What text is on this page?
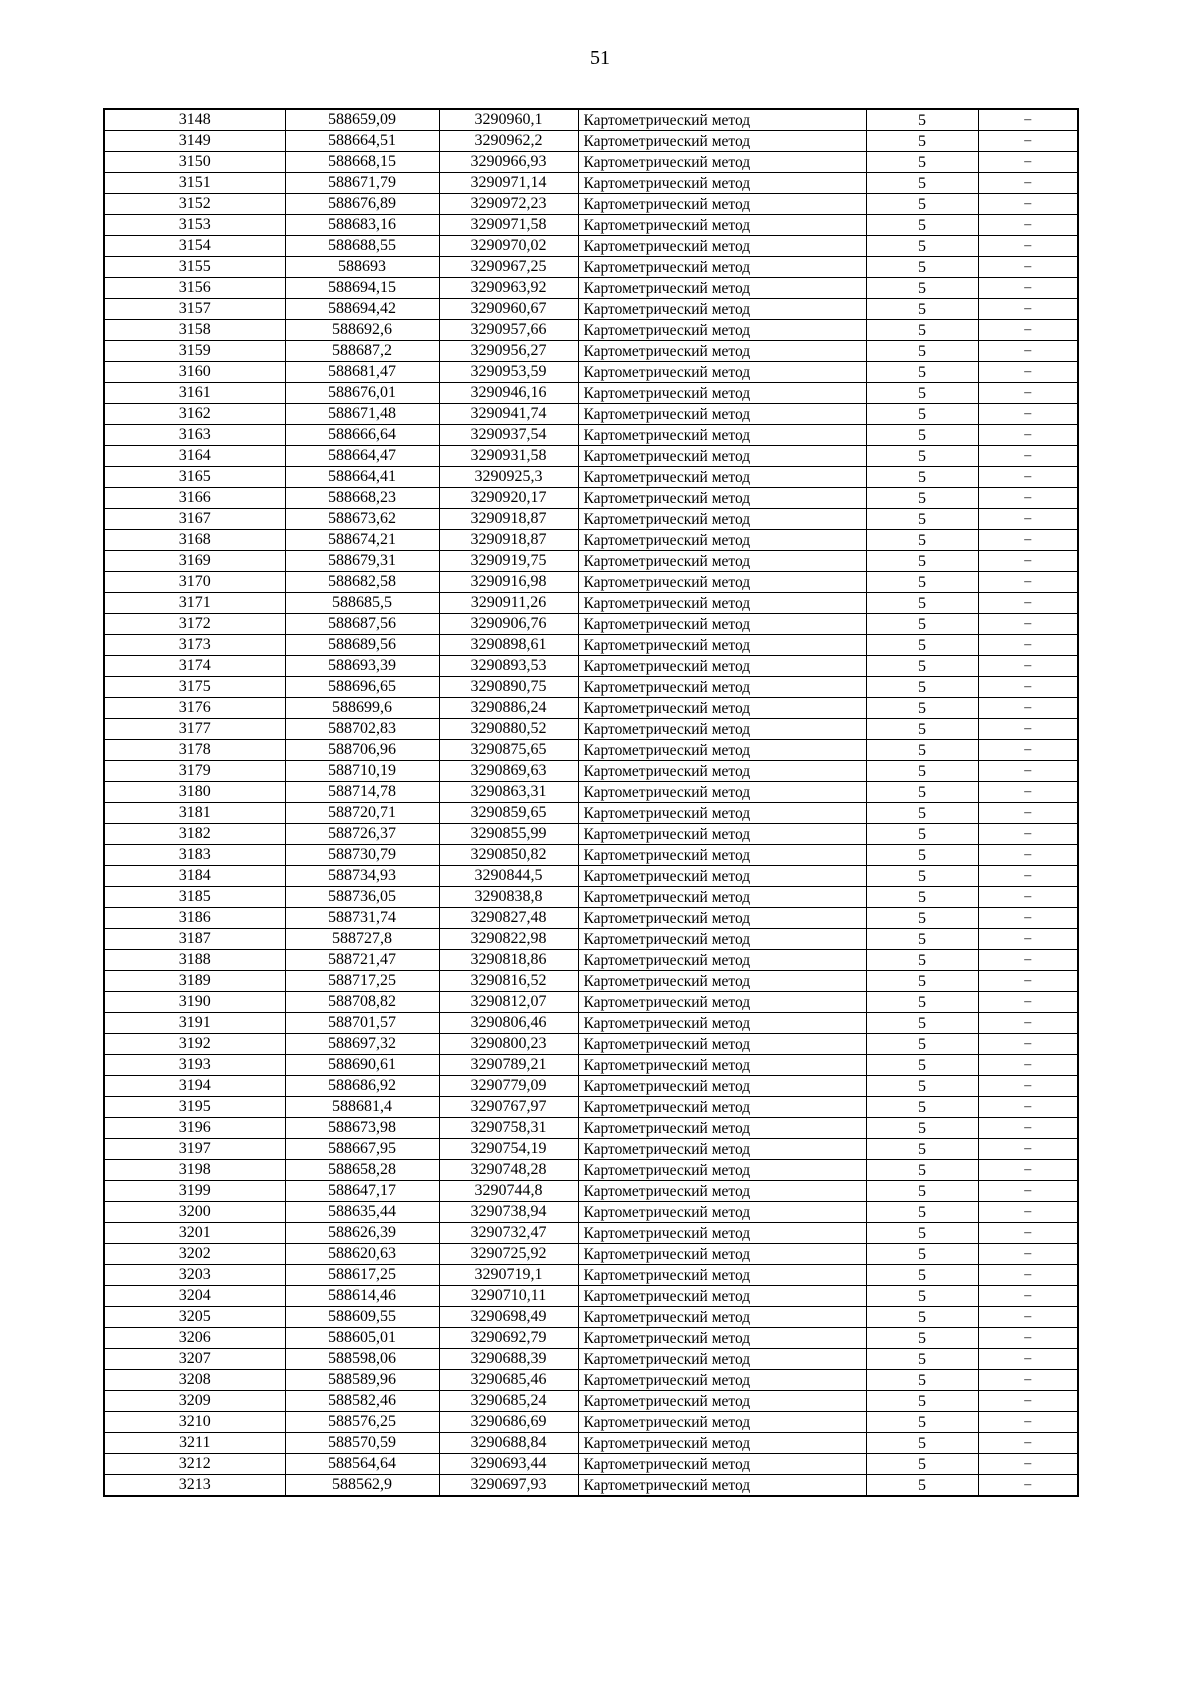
51
3148	588659,09	3290960,1	Картометрический метод	5	–
3149	588664,51	3290962,2	Картометрический метод	5	–
3150	588668,15	3290966,93	Картометрический метод	5	–
3151	588671,79	3290971,14	Картометрический метод	5	–
3152	588676,89	3290972,23	Картометрический метод	5	–
3153	588683,16	3290971,58	Картометрический метод	5	–
3154	588688,55	3290970,02	Картометрический метод	5	–
3155	588693	3290967,25	Картометрический метод	5	–
3156	588694,15	3290963,92	Картометрический метод	5	–
3157	588694,42	3290960,67	Картометрический метод	5	–
3158	588692,6	3290957,66	Картометрический метод	5	–
3159	588687,2	3290956,27	Картометрический метод	5	–
3160	588681,47	3290953,59	Картометрический метод	5	–
3161	588676,01	3290946,16	Картометрический метод	5	–
3162	588671,48	3290941,74	Картометрический метод	5	–
3163	588666,64	3290937,54	Картометрический метод	5	–
3164	588664,47	3290931,58	Картометрический метод	5	–
3165	588664,41	3290925,3	Картометрический метод	5	–
3166	588668,23	3290920,17	Картометрический метод	5	–
3167	588673,62	3290918,87	Картометрический метод	5	–
3168	588674,21	3290918,87	Картометрический метод	5	–
3169	588679,31	3290919,75	Картометрический метод	5	–
3170	588682,58	3290916,98	Картометрический метод	5	–
3171	588685,5	3290911,26	Картометрический метод	5	–
3172	588687,56	3290906,76	Картометрический метод	5	–
3173	588689,56	3290898,61	Картометрический метод	5	–
3174	588693,39	3290893,53	Картометрический метод	5	–
3175	588696,65	3290890,75	Картометрический метод	5	–
3176	588699,6	3290886,24	Картометрический метод	5	–
3177	588702,83	3290880,52	Картометрический метод	5	–
3178	588706,96	3290875,65	Картометрический метод	5	–
3179	588710,19	3290869,63	Картометрический метод	5	–
3180	588714,78	3290863,31	Картометрический метод	5	–
3181	588720,71	3290859,65	Картометрический метод	5	–
3182	588726,37	3290855,99	Картометрический метод	5	–
3183	588730,79	3290850,82	Картометрический метод	5	–
3184	588734,93	3290844,5	Картометрический метод	5	–
3185	588736,05	3290838,8	Картометрический метод	5	–
3186	588731,74	3290827,48	Картометрический метод	5	–
3187	588727,8	3290822,98	Картометрический метод	5	–
3188	588721,47	3290818,86	Картометрический метод	5	–
3189	588717,25	3290816,52	Картометрический метод	5	–
3190	588708,82	3290812,07	Картометрический метод	5	–
3191	588701,57	3290806,46	Картометрический метод	5	–
3192	588697,32	3290800,23	Картометрический метод	5	–
3193	588690,61	3290789,21	Картометрический метод	5	–
3194	588686,92	3290779,09	Картометрический метод	5	–
3195	588681,4	3290767,97	Картометрический метод	5	–
3196	588673,98	3290758,31	Картометрический метод	5	–
3197	588667,95	3290754,19	Картометрический метод	5	–
3198	588658,28	3290748,28	Картометрический метод	5	–
3199	588647,17	3290744,8	Картометрический метод	5	–
3200	588635,44	3290738,94	Картометрический метод	5	–
3201	588626,39	3290732,47	Картометрический метод	5	–
3202	588620,63	3290725,92	Картометрический метод	5	–
3203	588617,25	3290719,1	Картометрический метод	5	–
3204	588614,46	3290710,11	Картометрический метод	5	–
3205	588609,55	3290698,49	Картометрический метод	5	–
3206	588605,01	3290692,79	Картометрический метод	5	–
3207	588598,06	3290688,39	Картометрический метод	5	–
3208	588589,96	3290685,46	Картометрический метод	5	–
3209	588582,46	3290685,24	Картометрический метод	5	–
3210	588576,25	3290686,69	Картометрический метод	5	–
3211	588570,59	3290688,84	Картометрический метод	5	–
3212	588564,64	3290693,44	Картометрический метод	5	–
3213	588562,9	3290697,93	Картометрический метод	5	–
